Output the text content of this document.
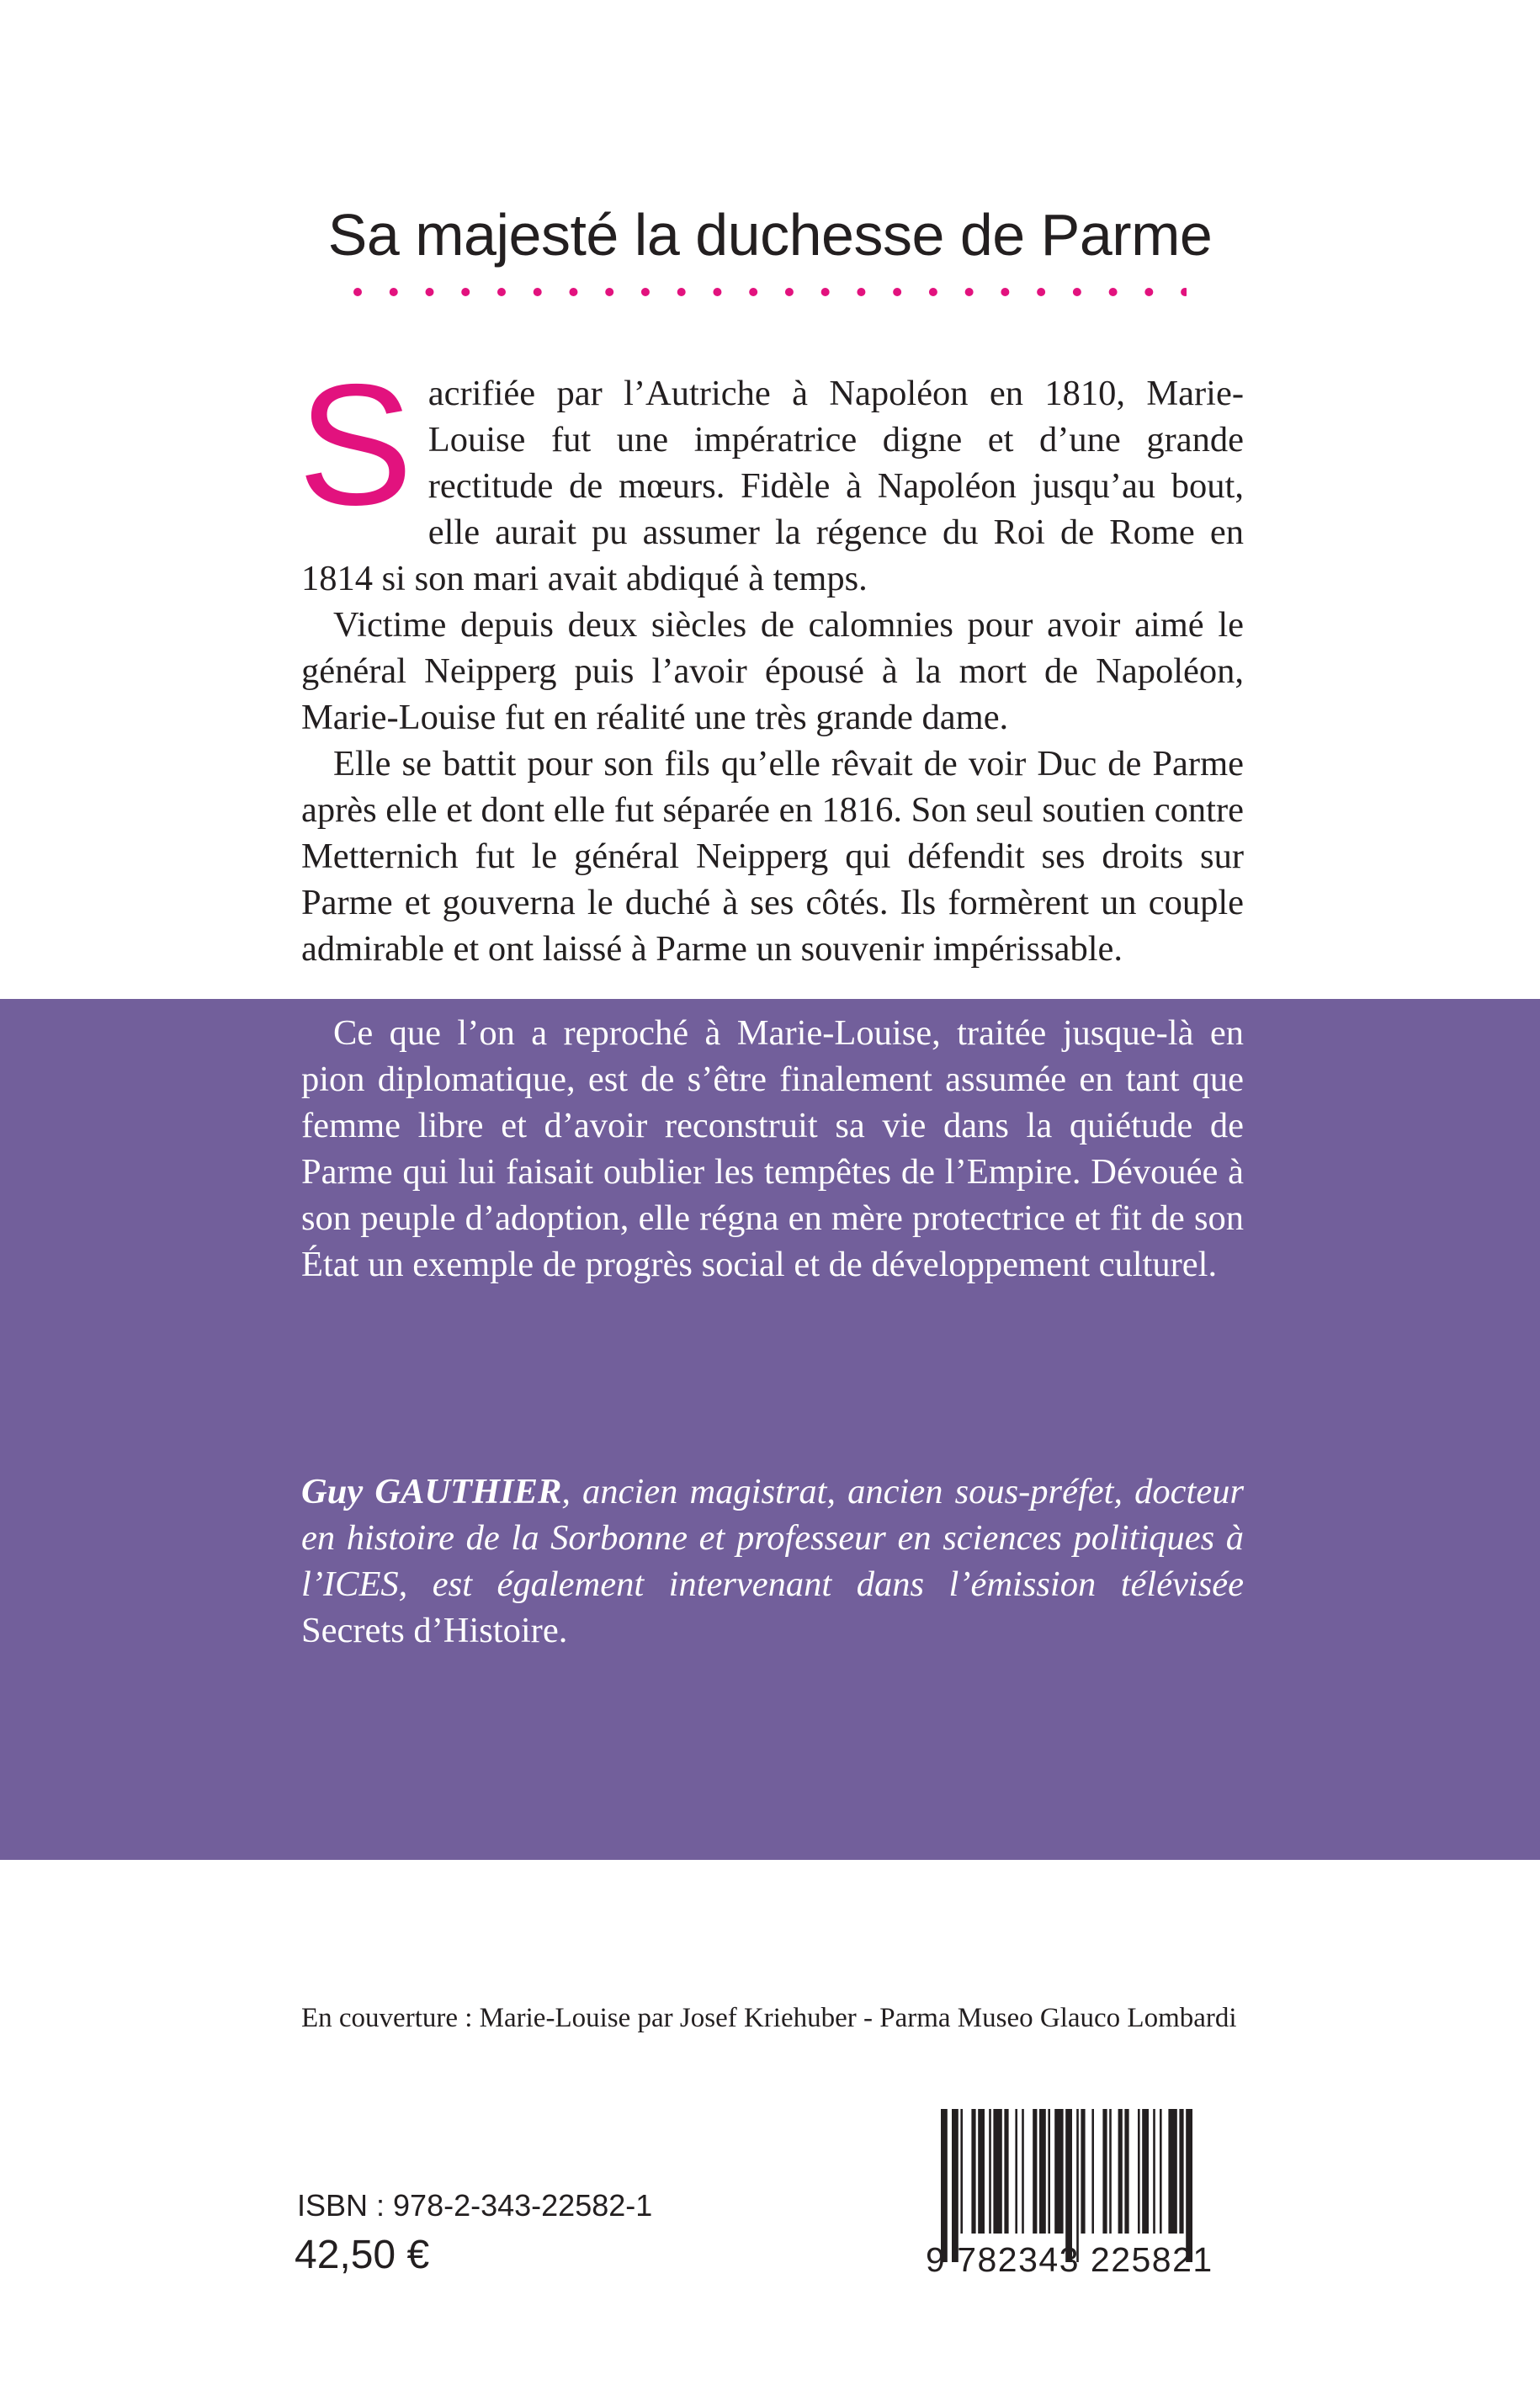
Sa majesté la duchesse de Parme

S acrifiée par l’Autriche à Napoléon en 1810, Marie-Louise fut une impératrice digne et d’une grande rectitude de mœurs. Fidèle à Napoléon jusqu’au bout, elle aurait pu assumer la régence du Roi de Rome en 1814 si son mari avait abdiqué à temps.

Victime depuis deux siècles de calomnies pour avoir aimé le général Neipperg puis l’avoir épousé à la mort de Napoléon, Marie-Louise fut en réalité une très grande dame.

Elle se battit pour son fils qu’elle rêvait de voir Duc de Parme après elle et dont elle fut séparée en 1816. Son seul soutien contre Metternich fut le général Neipperg qui défendit ses droits sur Parme et gouverna le duché à ses côtés. Ils formèrent un couple admirable et ont laissé à Parme un souvenir impérissable.

Ce que l’on a reproché à Marie-Louise, traitée jusque-là en pion diplomatique, est de s’être finalement assumée en tant que femme libre et d’avoir reconstruit sa vie dans la quiétude de Parme qui lui faisait oublier les tempêtes de l’Empire. Dévouée à son peuple d’adoption, elle régna en mère protectrice et fit de son État un exemple de progrès social et de développement culturel.

Guy GAUTHIER, ancien magistrat, ancien sous-préfet, docteur en histoire de la Sorbonne et professeur en sciences politiques à l’ICES, est également intervenant dans l’émission télévisée Secrets d’Histoire.

En couverture : Marie-Louise par Josef Kriehuber - Parma Museo Glauco Lombardi
ISBN : 978-2-343-22582-1
42,50 €	9 782343 225821
